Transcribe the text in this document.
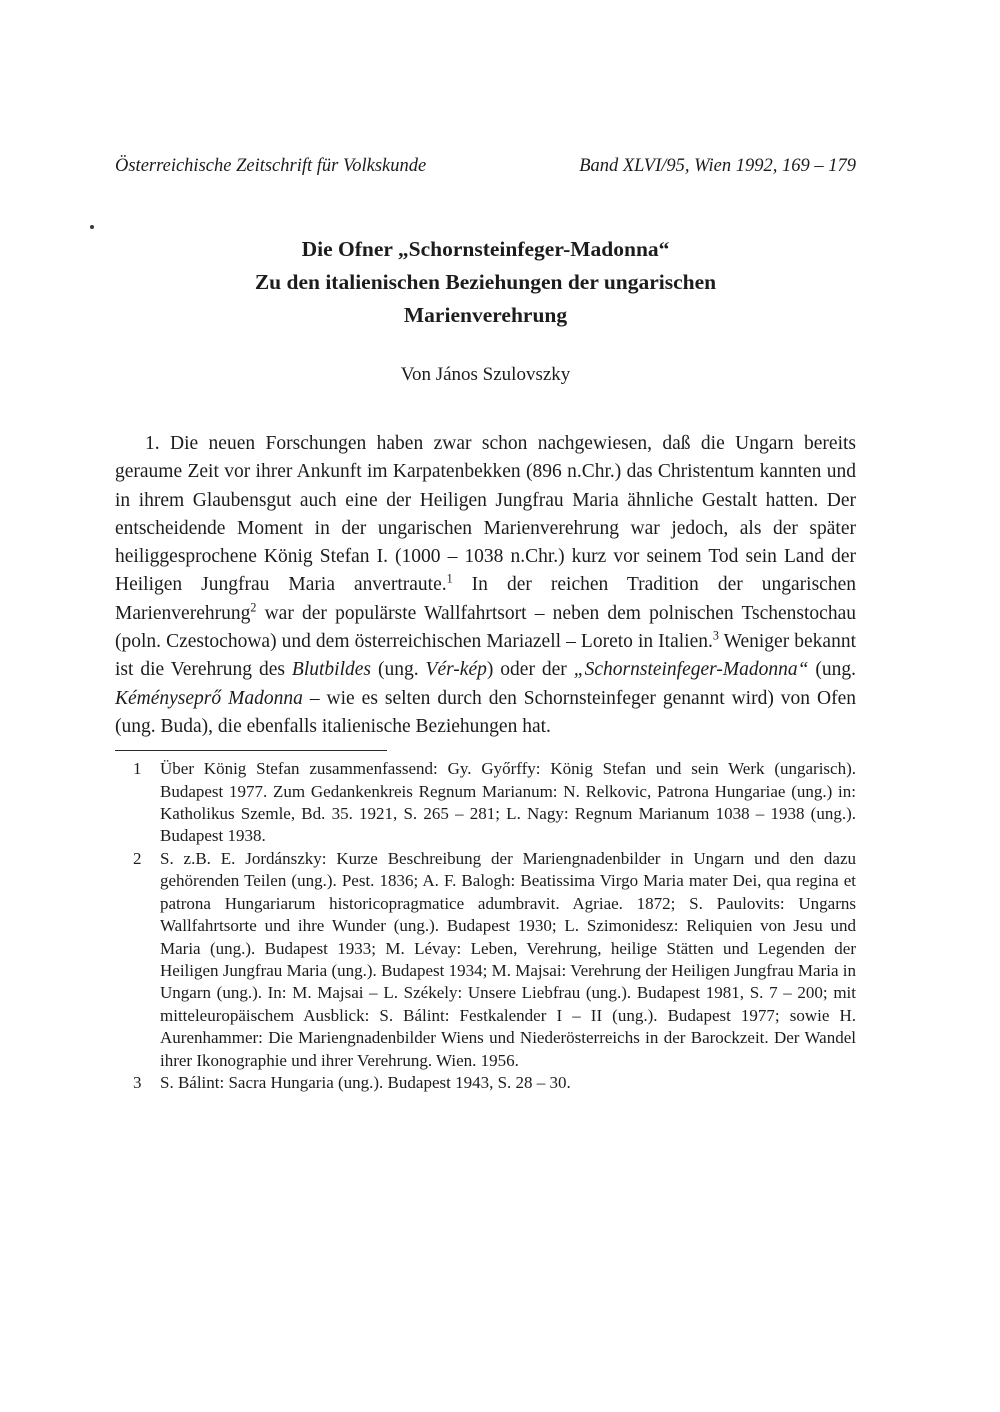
Österreichische Zeitschrift für Volkskunde	Band XLVI/95, Wien 1992, 169 – 179
Die Ofner „Schornsteinfeger-Madonna“
Zu den italienischen Beziehungen der ungarischen
Marienverehrung
Von János Szulovszky

1. Die neuen Forschungen haben zwar schon nachgewiesen, daß die Ungarn bereits geraume Zeit vor ihrer Ankunft im Karpatenbekken (896 n.Chr.) das Christentum kannten und in ihrem Glaubensgut auch eine der Heiligen Jungfrau Maria ähnliche Gestalt hatten. Der entscheidende Moment in der ungarischen Marienverehrung war jedoch, als der später heiliggesprochene König Stefan I. (1000 – 1038 n.Chr.) kurz vor seinem Tod sein Land der Heiligen Jungfrau Maria anvertraute.$^1$ In der reichen Tradition der ungarischen Marienverehrung$^2$ war der populärste Wallfahrtsort – neben dem polnischen Tschenstochau (poln. Czestochowa) und dem österreichischen Mariazell – Loreto in Italien.$^3$ Weniger bekannt ist die Verehrung des Blutbildes (ung. Vér-kép) oder der „Schornsteinfeger-Madonna“ (ung. Kéményseprő Madonna – wie es selten durch den Schornsteinfeger genannt wird) von Ofen (ung. Buda), die ebenfalls italienische Beziehungen hat.

1	Über König Stefan zusammenfassend: Gy. Győrffy: König Stefan und sein Werk (ungarisch). Budapest 1977. Zum Gedankenkreis Regnum Marianum: N. Relkovic, Patrona Hungariae (ung.) in: Katholikus Szemle, Bd. 35. 1921, S. 265 – 281; L. Nagy: Regnum Marianum 1038 – 1938 (ung.). Budapest 1938.
2	S. z.B. E. Jordánszky: Kurze Beschreibung der Mariengnadenbilder in Ungarn und den dazu gehörenden Teilen (ung.). Pest. 1836; A. F. Balogh: Beatissima Virgo Maria mater Dei, qua regina et patrona Hungariarum historicopragmatice adumbravit. Agriae. 1872; S. Paulovits: Ungarns Wallfahrtsorte und ihre Wunder (ung.). Budapest 1930; L. Szimonidesz: Reliquien von Jesu und Maria (ung.). Budapest 1933; M. Lévay: Leben, Verehrung, heilige Stätten und Legenden der Heiligen Jungfrau Maria (ung.). Budapest 1934; M. Majsai: Verehrung der Heiligen Jungfrau Maria in Ungarn (ung.). In: M. Majsai – L. Székely: Unsere Liebfrau (ung.). Budapest 1981, S. 7 – 200; mit mitteleuropäischem Ausblick: S. Bálint: Festkalender I – II (ung.). Budapest 1977; sowie H. Aurenhammer: Die Mariengnadenbilder Wiens und Niederösterreichs in der Barockzeit. Der Wandel ihrer Ikonographie und ihrer Verehrung. Wien. 1956.
3	S. Bálint: Sacra Hungaria (ung.). Budapest 1943, S. 28 – 30.
